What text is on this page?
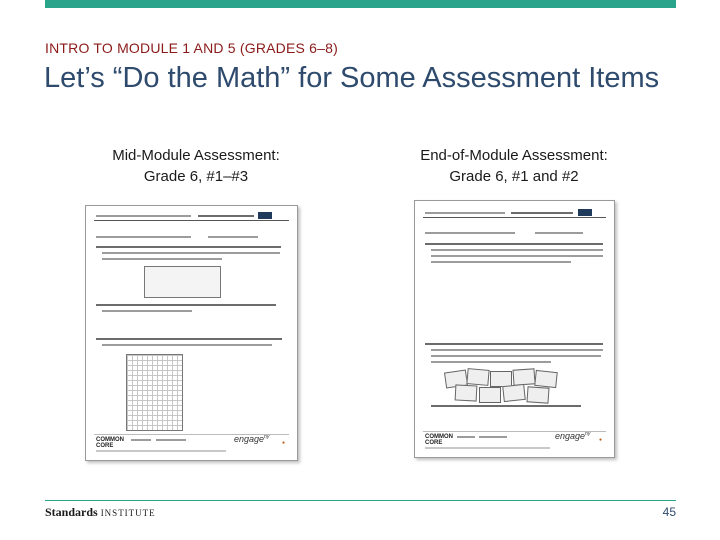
INTRO TO MODULE 1 AND 5 (GRADES 6–8)
Let’s “Do the Math” for Some Assessment Items
Mid-Module Assessment:
Grade 6, #1–#3
End-of-Module Assessment:
Grade 6, #1 and #2
COMMON
CORE
engage$^{ny}$
●
COMMON
CORE
engage$^{ny}$
●
Standards INSTITUTE	45
